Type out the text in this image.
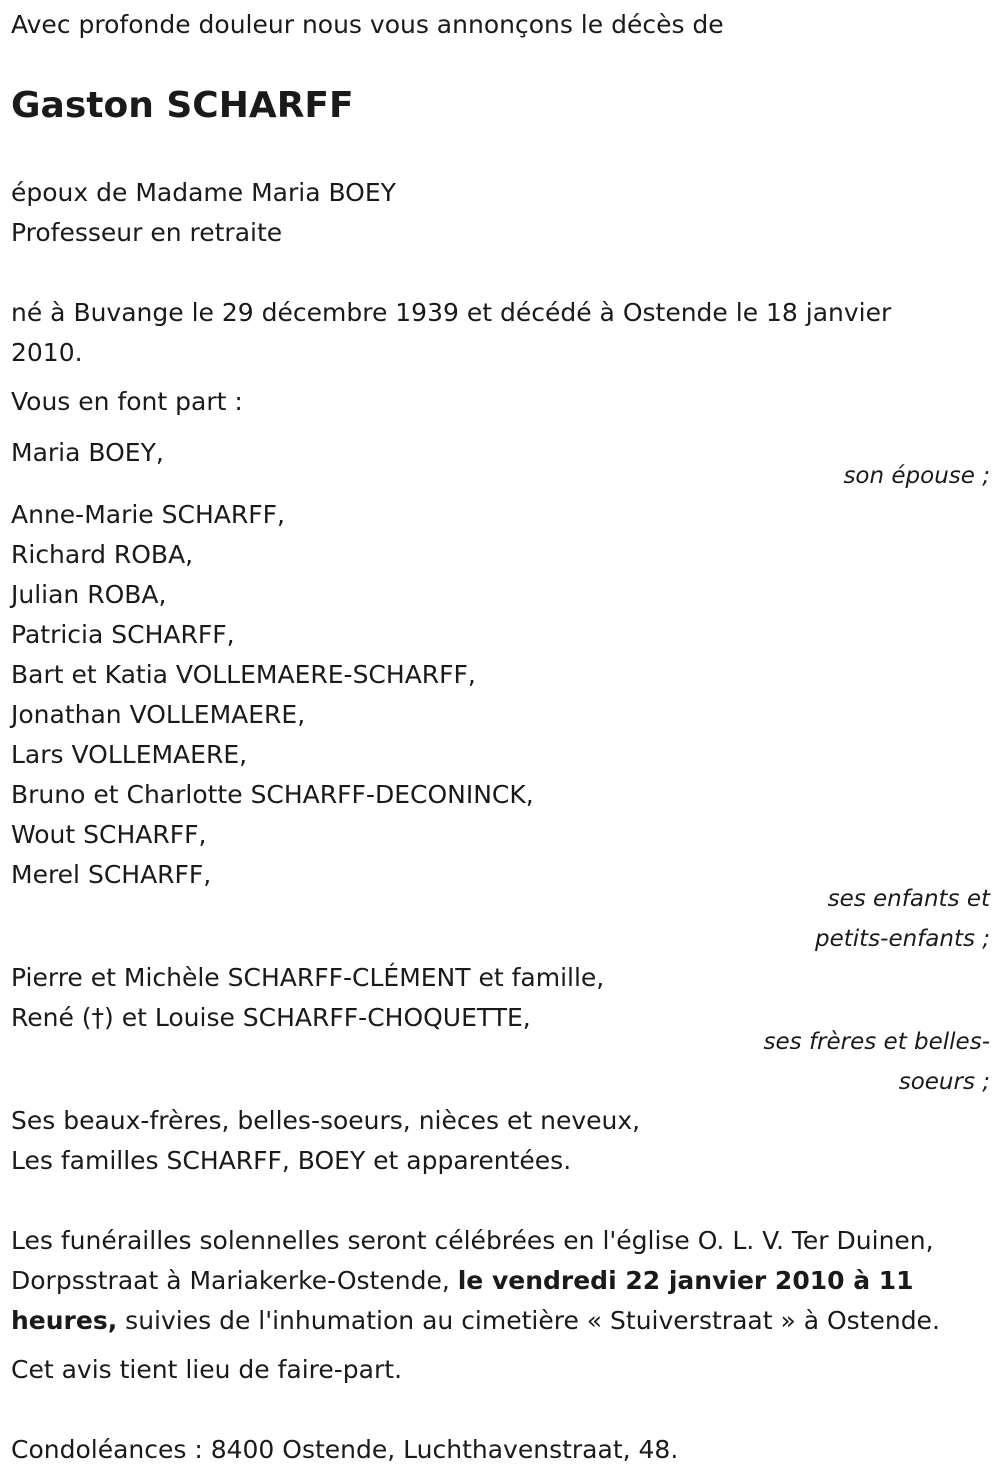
Avec profonde douleur nous vous annonçons le décès de
Gaston SCHARFF
époux de Madame Maria BOEY
Professeur en retraite
né à Buvange le 29 décembre 1939 et décédé à Ostende le 18 janvier
2010.
Vous en font part :
Maria BOEY,
son épouse ;
Anne-Marie SCHARFF,
Richard ROBA,
Julian ROBA,
Patricia SCHARFF,
Bart et Katia VOLLEMAERE-SCHARFF,
Jonathan VOLLEMAERE,
Lars VOLLEMAERE,
Bruno et Charlotte SCHARFF-DECONINCK,
Wout SCHARFF,
Merel SCHARFF,
ses enfants et
petits-enfants ;
Pierre et Michèle SCHARFF-CLÉMENT et famille,
René (†) et Louise SCHARFF-CHOQUETTE,
ses frères et belles-
soeurs ;
Ses beaux-frères, belles-soeurs, nièces et neveux,
Les familles SCHARFF, BOEY et apparentées.
Les funérailles solennelles seront célébrées en l'église O. L. V. Ter Duinen,
Dorpsstraat à Mariakerke-Ostende, le vendredi 22 janvier 2010 à 11
heures, suivies de l'inhumation au cimetière « Stuiverstraat » à Ostende.
Cet avis tient lieu de faire-part.
Condoléances : 8400 Ostende, Luchthavenstraat, 48.
